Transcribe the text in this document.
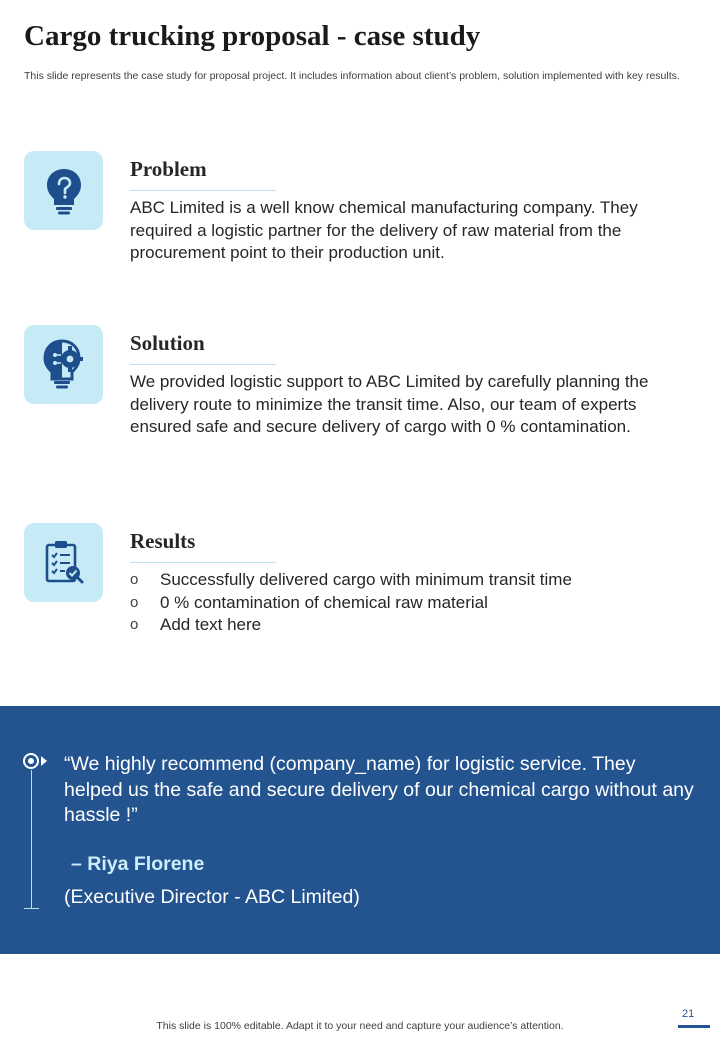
Cargo trucking proposal - case study
This slide represents the case study for proposal project. It includes information about client’s problem, solution implemented with key results.
Problem
ABC Limited is a well know chemical manufacturing company. They required a logistic partner for the delivery of raw material from the procurement point to their production unit.
Solution
We provided logistic support to ABC Limited by carefully planning the delivery route to minimize the transit time. Also, our team of experts ensured safe and secure delivery of cargo with 0 % contamination.
Results
o Successfully delivered cargo with minimum transit time
o 0 % contamination of chemical raw material
o Add text here
“We highly recommend (company_name) for logistic service. They helped us the safe and secure delivery of our chemical cargo without any hassle !”
– Riya Florene
(Executive Director - ABC Limited)
21
This slide is 100% editable. Adapt it to your need and capture your audience’s attention.
